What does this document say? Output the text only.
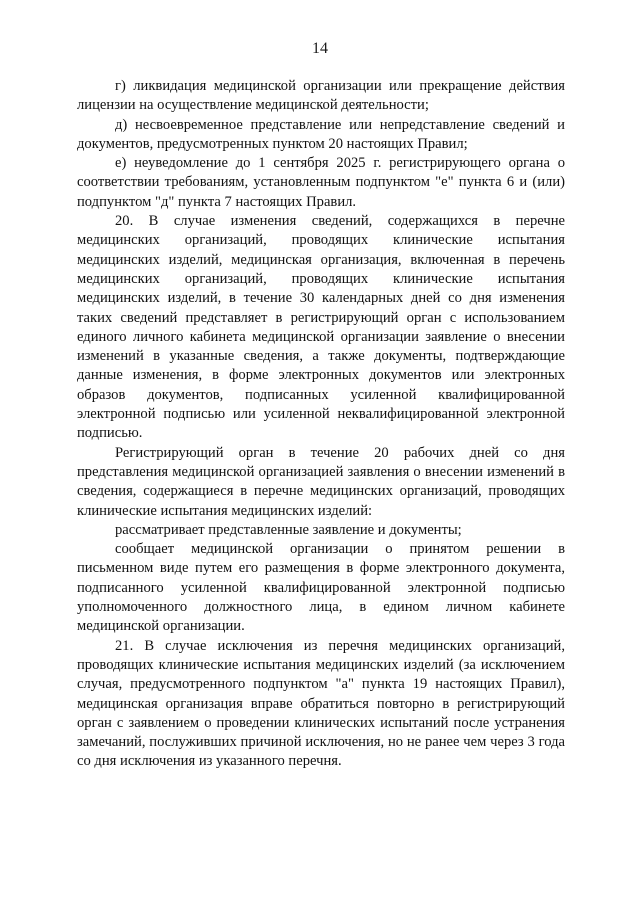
14

г) ликвидация медицинской организации или прекращение действия лицензии на осуществление медицинской деятельности;

д) несвоевременное представление или непредставление сведений и документов, предусмотренных пунктом 20 настоящих Правил;

е) неуведомление до 1 сентября 2025 г. регистрирующего органа о соответствии требованиям, установленным подпунктом "е" пункта 6 и (или) подпунктом "д" пункта 7 настоящих Правил.

20. В случае изменения сведений, содержащихся в перечне медицинских организаций, проводящих клинические испытания медицинских изделий, медицинская организация, включенная в перечень медицинских организаций, проводящих клинические испытания медицинских изделий, в течение 30 календарных дней со дня изменения таких сведений представляет в регистрирующий орган с использованием единого личного кабинета медицинской организации заявление о внесении изменений в указанные сведения, а также документы, подтверждающие данные изменения, в форме электронных документов или электронных образов документов, подписанных усиленной квалифицированной электронной подписью или усиленной неквалифицированной электронной подписью.

Регистрирующий орган в течение 20 рабочих дней со дня представления медицинской организацией заявления о внесении изменений в сведения, содержащиеся в перечне медицинских организаций, проводящих клинические испытания медицинских изделий:

рассматривает представленные заявление и документы;

сообщает медицинской организации о принятом решении в письменном виде путем его размещения в форме электронного документа, подписанного усиленной квалифицированной электронной подписью уполномоченного должностного лица, в едином личном кабинете медицинской организации.

21. В случае исключения из перечня медицинских организаций, проводящих клинические испытания медицинских изделий (за исключением случая, предусмотренного подпунктом "а" пункта 19 настоящих Правил), медицинская организация вправе обратиться повторно в регистрирующий орган с заявлением о проведении клинических испытаний после устранения замечаний, послуживших причиной исключения, но не ранее чем через 3 года со дня исключения из указанного перечня.
